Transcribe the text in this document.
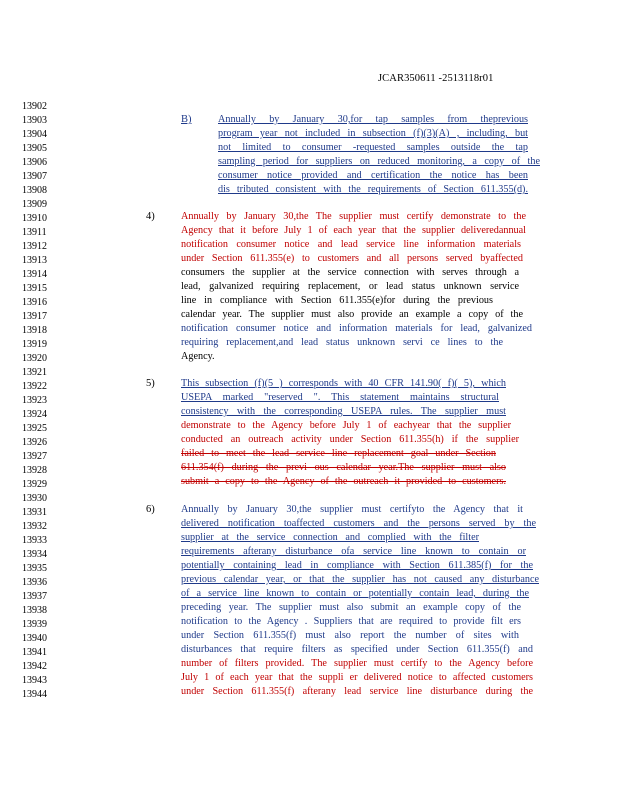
JCAR350611 -2513118r01
13902
13903
13904
13905
13906
13907
13908
13909
13910
13911
13912
13913
13914
13915
13916
13917
13918
13919
13920
13921
13922
13923
13924
13925
13926
13927
13928
13929
13930
13931
13932
13933
13934
13935
13936
13937
13938
13939
13940
13941
13942
13943
13944
B)
4)
5)
6)
Annually by January 30,for tap samples from theprevious
program year not included in subsection (f)(3)(A) , including, but
not limited to consumer -requested samples outside the tap
sampling period for suppliers on reduced monitoring, a copy of the
consumer notice provided and certification the notice has been
dis tributed consistent with the requirements of Section 611.355(d).
Annually by January 30,the The supplier must certify demonstrate to the
Agency that it before July 1 of each year that the supplier deliveredannual
notification consumer notice and lead service line information materials
under Section 611.355(e) to customers and all persons served byaffected
consumers the supplier at the service connection with serves through a
lead, galvanized requiring replacement, or lead status unknown service
line in compliance with Section 611.355(e)for during the previous
calendar year. The supplier must also provide an example a copy of the
notification consumer notice and information materials for lead, galvanized
requiring replacement,and lead status unknown servi ce lines to the
Agency.
This subsection (f)(5 ) corresponds with 40 CFR 141.90( f)( 5), which
USEPA marked "reserved ". This statement maintains structural
consistency with the corresponding USEPA rules. The supplier must
demonstrate to the Agency before July 1 of eachyear that the supplier
conducted an outreach activity under Section 611.355(h) if the supplier
failed to meet the lead service line replacement goal under Section
611.354(f) during the previ ous calendar year.The supplier must also
submit a copy to the Agency of the outreach it provided to customers.
Annually by January 30,the supplier must certifyto the Agency that it
delivered notification toaffected customers and the persons served by the
supplier at the service connection and complied with the filter
requirements afterany disturbance ofa service line known to contain or
potentially containing lead in compliance with Section 611.385(f) for the
previous calendar year, or that the supplier has not caused any disturbance
of a service line known to contain or potentially contain lead, during the
preceding year. The supplier must also submit an example copy of the
notification to the Agency . Suppliers that are required to provide filt ers
under Section 611.355(f) must also report the number of sites with
disturbances that require filters as specified under Section 611.355(f) and
number of filters provided. The supplier must certify to the Agency before
July 1 of each year that the suppli er delivered notice to affected customers
under Section 611.355(f) afterany lead service line disturbance during the
